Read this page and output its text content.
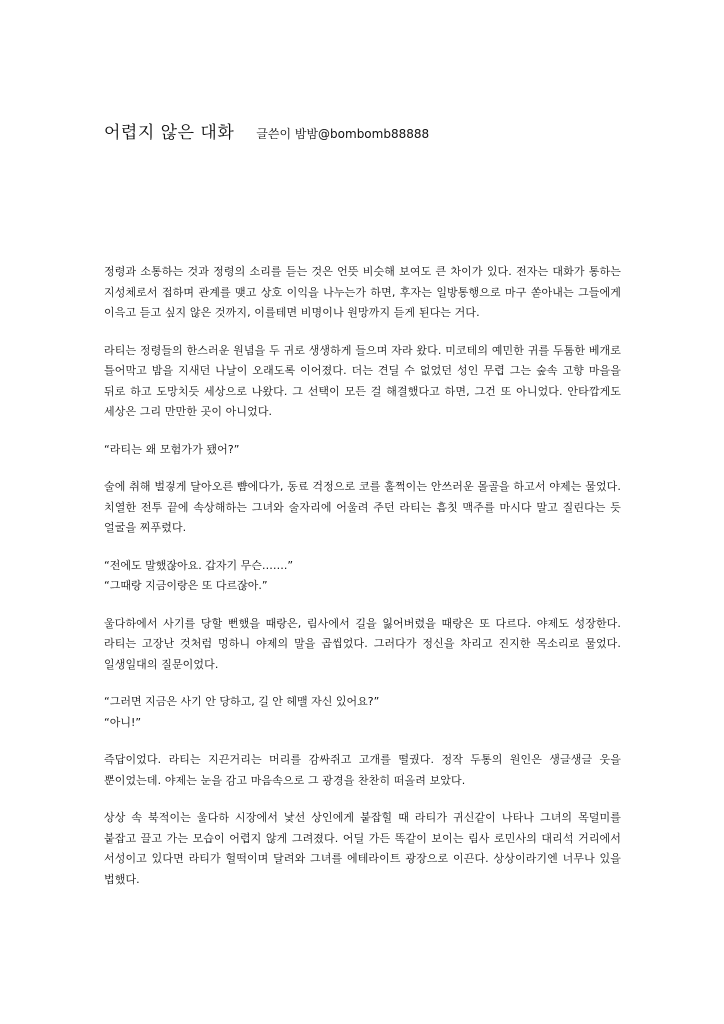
어렵지 않은 대화 글쓴이 밤밤@bombomb88888

정령과 소통하는 것과 정령의 소리를 듣는 것은 언뜻 비슷해 보여도 큰 차이가 있다. 전자는 대화가 통하는 지성체로서 접하며 관계를 맺고 상호 이익을 나누는가 하면, 후자는 일방통행으로 마구 쏟아내는 그들에게 이윽고 듣고 싶지 않은 것까지, 이를테면 비명이나 원망까지 듣게 된다는 거다.

라티는 정령들의 한스러운 원념을 두 귀로 생생하게 들으며 자라 왔다. 미코테의 예민한 귀를 두툼한 베개로 틀어막고 밤을 지새던 나날이 오래도록 이어졌다. 더는 견딜 수 없었던 성인 무렵 그는 숲속 고향 마을을 뒤로 하고 도망치듯 세상으로 나왔다. 그 선택이 모든 걸 해결했다고 하면, 그건 또 아니었다. 안타깝게도 세상은 그리 만만한 곳이 아니었다.

“라티는 왜 모험가가 됐어?”

술에 취해 벌겋게 달아오른 뺨에다가, 동료 걱정으로 코를 훌쩍이는 안쓰러운 몰골을 하고서 야제는 물었다. 치열한 전투 끝에 속상해하는 그녀와 술자리에 어울려 주던 라티는 흠칫 맥주를 마시다 말고 질린다는 듯 얼굴을 찌푸렸다.

“전에도 말했잖아요. 갑자기 무슨…….”
“그때랑 지금이랑은 또 다르잖아.”

울다하에서 사기를 당할 뻔했을 때랑은, 림사에서 길을 잃어버렸을 때랑은 또 다르다. 야제도 성장한다. 라티는 고장난 것처럼 멍하니 야제의 말을 곱씹었다. 그러다가 정신을 차리고 진지한 목소리로 물었다. 일생일대의 질문이었다.

“그러면 지금은 사기 안 당하고, 길 안 헤맬 자신 있어요?”
“아니!”

즉답이었다. 라티는 지끈거리는 머리를 감싸쥐고 고개를 떨궜다. 정작 두통의 원인은 생글생글 웃을 뿐이었는데. 야제는 눈을 감고 마음속으로 그 광경을 찬찬히 떠올려 보았다.

상상 속 북적이는 울다하 시장에서 낯선 상인에게 붙잡힐 때 라티가 귀신같이 나타나 그녀의 목덜미를 붙잡고 끌고 가는 모습이 어렵지 않게 그려졌다. 어딜 가든 똑같이 보이는 림사 로민사의 대리석 거리에서 서성이고 있다면 라티가 헐떡이며 달려와 그녀를 에테라이트 광장으로 이끈다. 상상이라기엔 너무나 있을 법했다.
